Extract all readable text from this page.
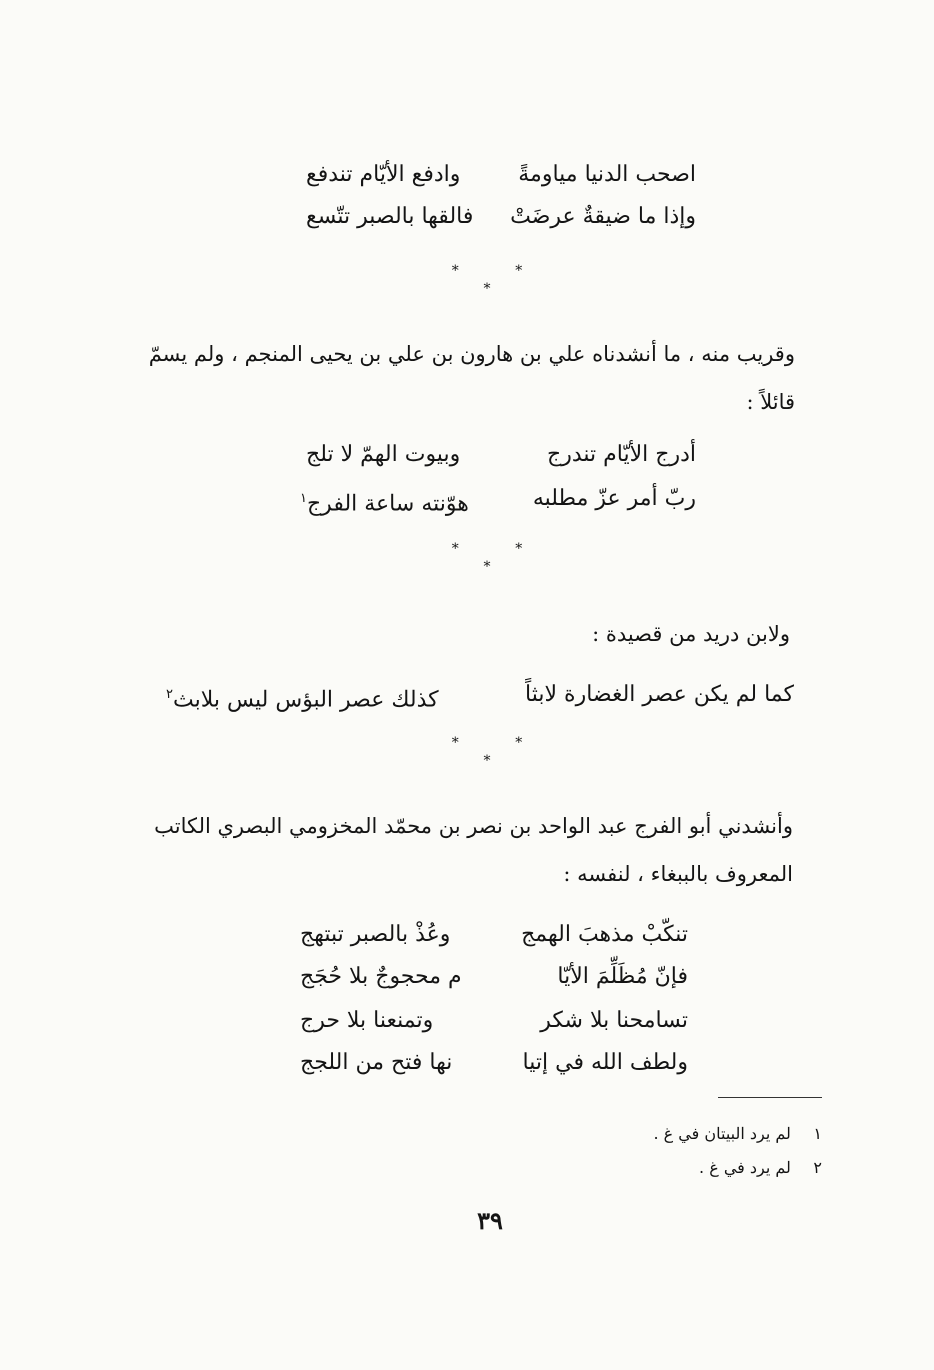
اصحب الدنيا مياومةً
وادفع الأيّام تندفع
وإذا ما ضيقةٌ عرضَتْ
فالقها بالصبر تتّسع
* * *
وقريب منه ، ما أنشدناه علي بن هارون بن علي بن يحيى المنجم ، ولم يسمّ
قائلاً :
أدرج الأيّام تندرج
وبيوت الهمّ لا تلج
ربّ أمر عزّ مطلبه
هوّنته ساعة الفرج$^١$
* * *
ولابن دريد من قصيدة :
كما لم يكن عصر الغضارة لابثاً
كذلك عصر البؤس ليس بلابث$^٢$
* * *
وأنشدني أبو الفرج عبد الواحد بن نصر بن محمّد المخزومي البصري الكاتب
المعروف بالببغاء ، لنفسه :
تنكّبْ مذهبَ الهمج
وعُذْ بالصبر تبتهج
فإنّ مُظَلِّمَ الأيّا
م محجوجٌ بلا حُجَج
تسامحنا بلا شكر
وتمنعنا بلا حرج
ولطف الله في إتيا
نها فتح من اللجج
١ لم يرد البيتان في غ .
٢ لم يرد في غ .
٣٩
